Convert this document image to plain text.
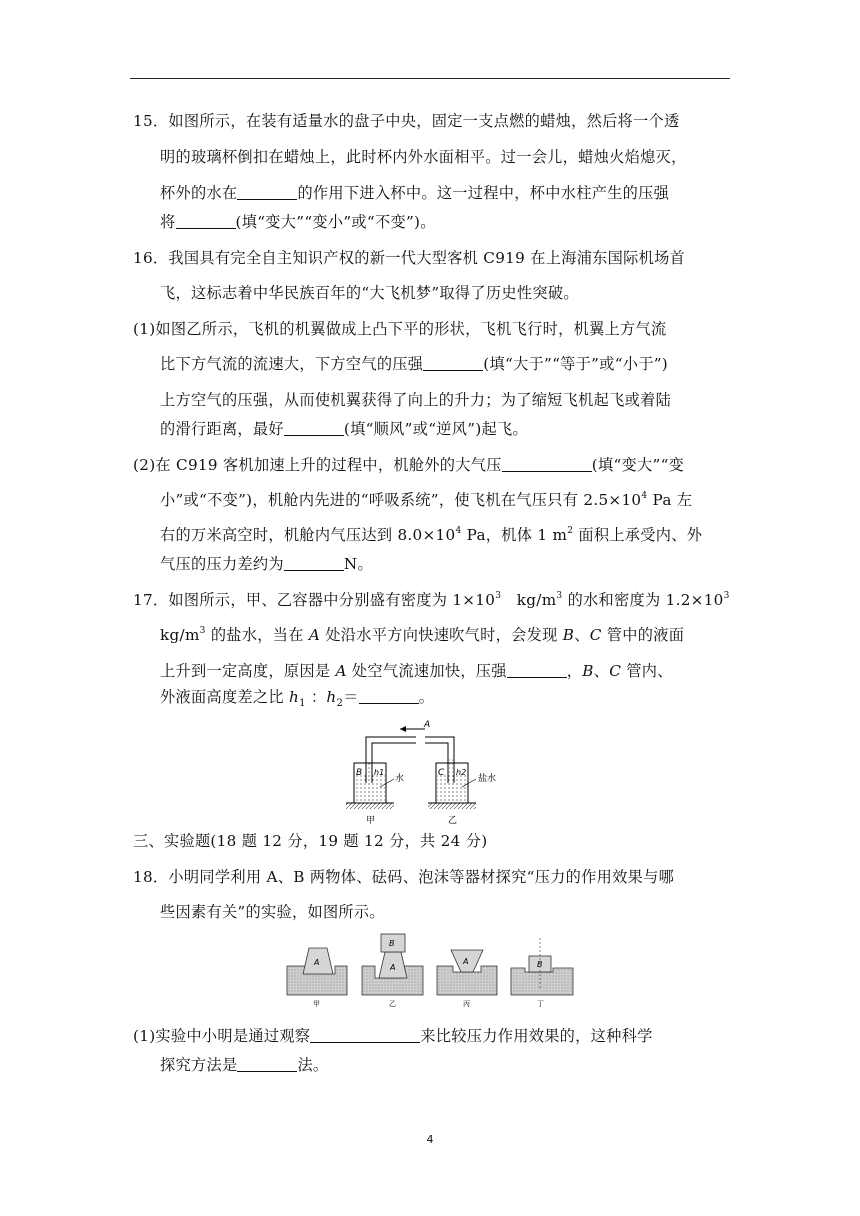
15．如图所示，在装有适量水的盘子中央，固定一支点燃的蜡烛，然后将一个透
明的玻璃杯倒扣在蜡烛上，此时杯内外水面相平。过一会儿，蜡烛火焰熄灭，
杯外的水在	的作用下进入杯中。这一过程中，杯中水柱产生的压强
将	(填“变大”“变小”或“不变”)。
16．我国具有完全自主知识产权的新一代大型客机 C919 在上海浦东国际机场首
飞，这标志着中华民族百年的“大飞机梦”取得了历史性突破。
(1)如图乙所示，飞机的机翼做成上凸下平的形状，飞机飞行时，机翼上方气流
比下方气流的流速大，下方空气的压强	(填“大于”“等于”或“小于”)
上方空气的压强，从而使机翼获得了向上的升力；为了缩短飞机起飞或着陆
的滑行距离，最好	(填“顺风”或“逆风”)起飞。
(2)在 C919 客机加速上升的过程中，机舱外的大气压	(填“变大”“变
小”或“不变”)，机舱内先进的“呼吸系统”，使飞机在气压只有 $2.5\times 10^4$ Pa 左
右的万米高空时，机舱内气压达到 $8.0\times 10^4$ Pa，机体 1 $m^2$ 面积上承受内、外
气压的压力差约为	N。
17．如图所示，甲、乙容器中分别盛有密度为 $1\times 10^3$　$kg/m^3$ 的水和密度为 $1.2\times 10^3$
$kg/m^3$ 的盐水，当在 A 处沿水平方向快速吹气时，会发现 B、C 管中的液面
上升到一定高度，原因是 A 处空气流速加快，压强	，B、C 管内、
外液面高度差之比 $h_1$ ：$h_2=$	。
A
B h1	C h2
水	盐水
甲	乙
三、实验题(18 题 12 分，19 题 12 分，共 24 分)
18．小明同学利用 A、B 两物体、砝码、泡沫等器材探究“压力的作用效果与哪
些因素有关”的实验，如图所示。
A
A
B
A	B
甲	乙	丙	丁
(1)实验中小明是通过观察	来比较压力作用效果的，这种科学
探究方法是	法。
4
